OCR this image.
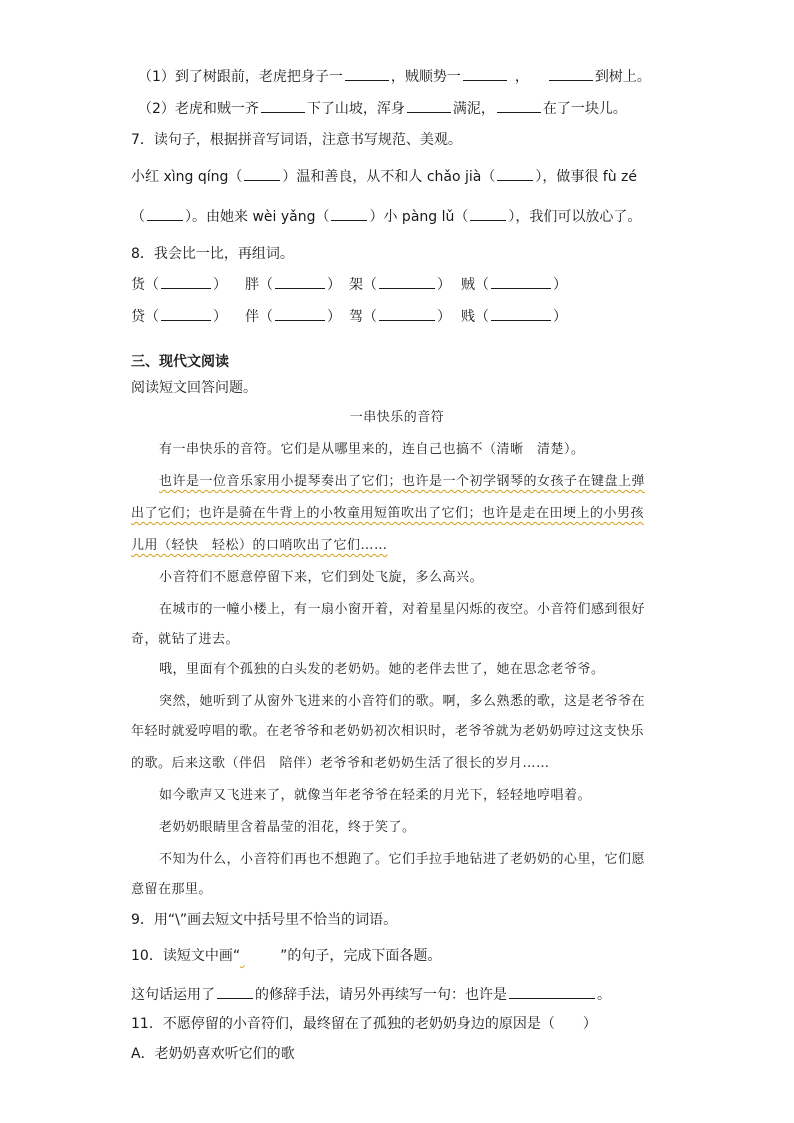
（1）到了树跟前，老虎把身子一	，贼顺势一	，	到树上。
（2）老虎和贼一齐	下了山坡，浑身	满泥，	在了一块儿。
7．读句子，根据拼音写词语，注意书写规范、美观。
小红 xìng qíng（	）温和善良，从不和人 chǎo jià（	），做事很 fù zé
（	）。由她来 wèi yǎng（	）小 pàng lǔ（	），我们可以放心了。
8．我会比一比，再组词。
货（	） 胖（	） 架（	） 贼（	）
贷（	） 伴（	） 驾（	） 贱（	）
三、现代文阅读
阅读短文回答问题。
一串快乐的音符
有一串快乐的音符。它们是从哪里来的，连自己也搞不（清晰　清楚）。
也许是一位音乐家用小提琴奏出了它们；也许是一个初学钢琴的女孩子在键盘上弹
出了它们；也许是骑在牛背上的小牧童用短笛吹出了它们；也许是走在田埂上的小男孩
儿用（轻快　轻松）的口哨吹出了它们……
小音符们不愿意停留下来，它们到处飞旋，多么高兴。
在城市的一幢小楼上，有一扇小窗开着，对着星星闪烁的夜空。小音符们感到很好
奇，就钻了进去。
哦，里面有个孤独的白头发的老奶奶。她的老伴去世了，她在思念老爷爷。
突然，她听到了从窗外飞进来的小音符们的歌。啊，多么熟悉的歌，这是老爷爷在
年轻时就爱哼唱的歌。在老爷爷和老奶奶初次相识时，老爷爷就为老奶奶哼过这支快乐
的歌。后来这歌（伴侣　陪伴）老爷爷和老奶奶生活了很长的岁月……
如今歌声又飞进来了，就像当年老爷爷在轻柔的月光下，轻轻地哼唱着。
老奶奶眼睛里含着晶莹的泪花，终于笑了。
不知为什么，小音符们再也不想跑了。它们手拉手地钻进了老奶奶的心里，它们愿
意留在那里。
9．用“\”画去短文中括号里不恰当的词语。
10．读短文中画“	”的句子，完成下面各题。
这句话运用了	的修辞手法，请另外再续写一句：也许是	。
11．不愿停留的小音符们，最终留在了孤独的老奶奶身边的原因是（　　）
A．老奶奶喜欢听它们的歌
